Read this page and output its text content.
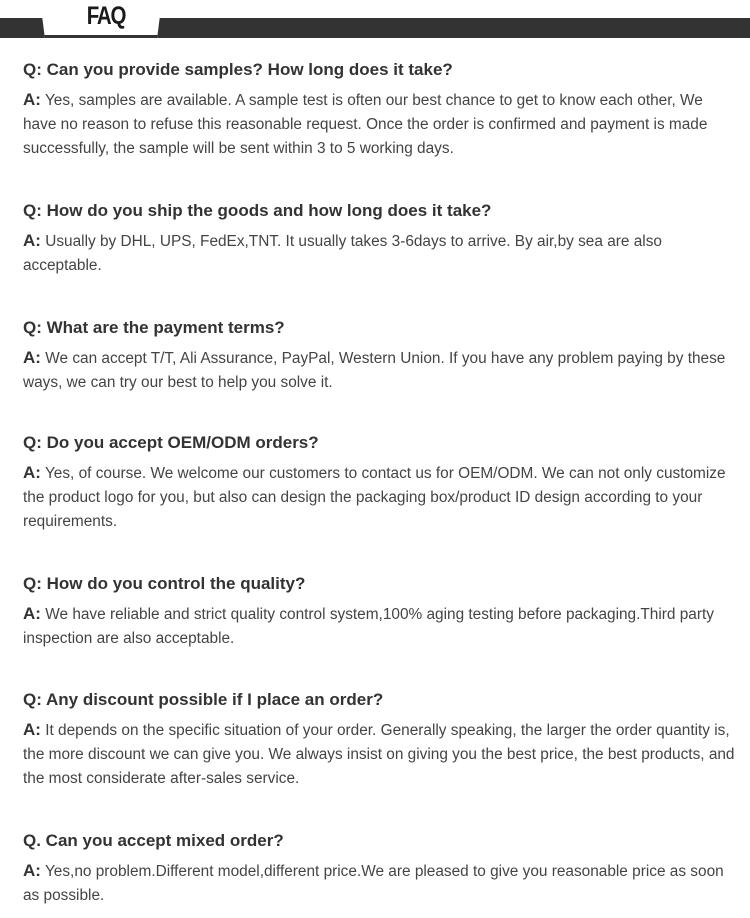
FAQ

Q: Can you provide samples? How long does it take?

A: Yes, samples are available. A sample test is often our best chance to get to know each other, We have no reason to refuse this reasonable request. Once the order is confirmed and payment is made successfully, the sample will be sent within 3 to 5 working days.

Q: How do you ship the goods and how long does it take?

A: Usually by DHL, UPS, FedEx,TNT. It usually takes 3-6days to arrive. By air,by sea are also acceptable.

Q: What are the payment terms?

A: We can accept T/T, Ali Assurance, PayPal, Western Union. If you have any problem paying by these ways, we can try our best to help you solve it.

Q: Do you accept OEM/ODM orders?

A: Yes, of course. We welcome our customers to contact us for OEM/ODM. We can not only customize the product logo for you, but also can design the packaging box/product ID design according to your requirements.

Q: How do you control the quality?

A: We have reliable and strict quality control system,100% aging testing before packaging.Third party inspection are also acceptable.

Q: Any discount possible if I place an order?

A: It depends on the specific situation of your order. Generally speaking, the larger the order quantity is, the more discount we can give you. We always insist on giving you the best price, the best products, and the most considerate after-sales service.

Q. Can you accept mixed order?

A: Yes,no problem.Different model,different price.We are pleased to give you reasonable price as soon as possible.
